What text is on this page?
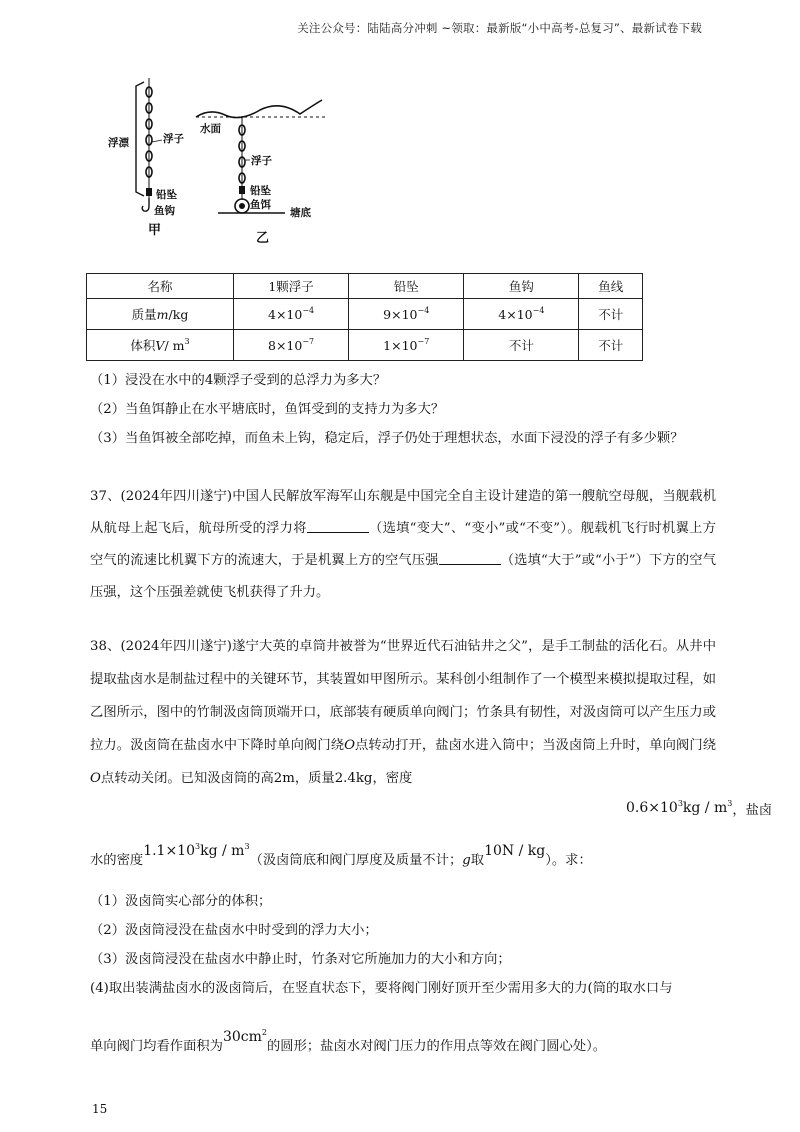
关注公众号：陆陆高分冲刺 ~领取：最新版“小中高考-总复习”、最新试卷下载
浮漂	浮子
铅坠
鱼钩
甲
水面
浮子
铅坠
鱼饵
塘底
乙
名称	1颗浮子	铅坠	鱼钩	鱼线
质量m/kg	$4\times 10^{-4}$	$9\times 10^{-4}$	$4\times 10^{-4}$	不计
体积V/ $m^3$	$8\times 10^{-7}$	$1\times 10^{-7}$	不计	不计
（1）浸没在水中的4颗浮子受到的总浮力为多大？
（2）当鱼饵静止在水平塘底时，鱼饵受到的支持力为多大？
（3）当鱼饵被全部吃掉，而鱼未上钩，稳定后，浮子仍处于理想状态，水面下浸没的浮子有多少颗？

37、(2024年四川遂宁)中国人民解放军海军山东舰是中国完全自主设计建造的第一艘航空母舰，当舰载机从航母上起飞后，航母所受的浮力将	（选填“变大”、“变小”或“不变”）。舰载机飞行时机翼上方空气的流速比机翼下方的流速大，于是机翼上方的空气压强	（选填“大于”或“小于”）下方的空气压强，这个压强差就使飞机获得了升力。

38、(2024年四川遂宁)遂宁大英的卓筒井被誉为“世界近代石油钻井之父”，是手工制盐的活化石。从井中提取盐卤水是制盐过程中的关键环节，其装置如甲图所示。某科创小组制作了一个模型来模拟提取过程，如乙图所示，图中的竹制汲卤筒顶端开口，底部装有硬质单向阀门；竹条具有韧性，对汲卤筒可以产生压力或拉力。汲卤筒在盐卤水中下降时单向阀门绕O点转动打开，盐卤水进入筒中；当汲卤筒上升时，单向阀门绕O点转动关闭。已知汲卤筒的高2m，质量2.4kg，密度

$0.6\times 10^3kg / m^3$，盐卤
水的密度$1.1\times 10^3kg / m^3$（汲卤筒底和阀门厚度及质量不计；g取10N / kg）。求：
（1）汲卤筒实心部分的体积；
（2）汲卤筒浸没在盐卤水中时受到的浮力大小；
（3）汲卤筒浸没在盐卤水中静止时，竹条对它所施加力的大小和方向；
(4)取出装满盐卤水的汲卤筒后，在竖直状态下，要将阀门刚好顶开至少需用多大的力(筒的取水口与
单向阀门均看作面积为$30cm^2$的圆形；盐卤水对阀门压力的作用点等效在阀门圆心处）。
15
